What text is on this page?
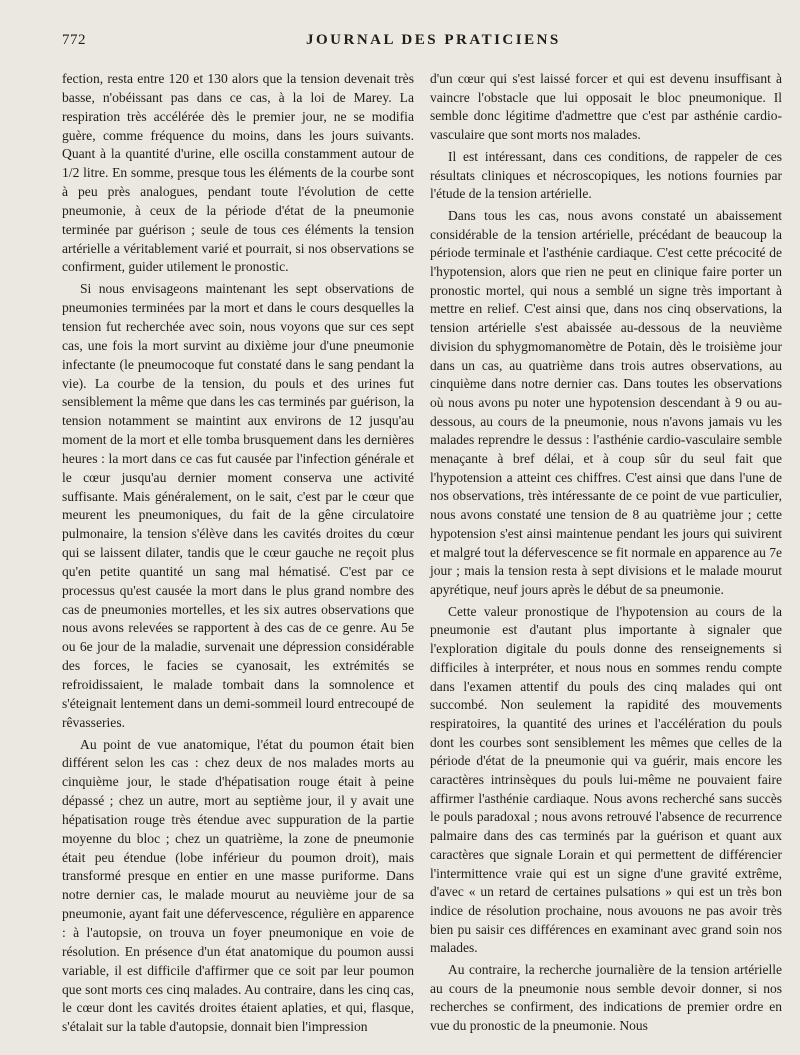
772	JOURNAL DES PRATICIENS

fection, resta entre 120 et 130 alors que la tension devenait très basse, n'obéissant pas dans ce cas, à la loi de Marey. La respiration très accélérée dès le premier jour, ne se modifia guère, comme fréquence du moins, dans les jours suivants. Quant à la quantité d'urine, elle oscilla constamment autour de 1/2 litre. En somme, presque tous les éléments de la courbe sont à peu près analogues, pendant toute l'évolution de cette pneumonie, à ceux de la période d'état de la pneumonie terminée par guérison ; seule de tous ces éléments la tension artérielle a véritablement varié et pourrait, si nos observations se confirment, guider utilement le pronostic.

Si nous envisageons maintenant les sept observations de pneumonies terminées par la mort et dans le cours desquelles la tension fut recherchée avec soin, nous voyons que sur ces sept cas, une fois la mort survint au dixième jour d'une pneumonie infectante (le pneumocoque fut constaté dans le sang pendant la vie). La courbe de la tension, du pouls et des urines fut sensiblement la même que dans les cas terminés par guérison, la tension notamment se maintint aux environs de 12 jusqu'au moment de la mort et elle tomba brusquement dans les dernières heures : la mort dans ce cas fut causée par l'infection générale et le cœur jusqu'au dernier moment conserva une activité suffisante. Mais généralement, on le sait, c'est par le cœur que meurent les pneumoniques, du fait de la gêne circulatoire pulmonaire, la tension s'élève dans les cavités droites du cœur qui se laissent dilater, tandis que le cœur gauche ne reçoit plus qu'en petite quantité un sang mal hématisé. C'est par ce processus qu'est causée la mort dans le plus grand nombre des cas de pneumonies mortelles, et les six autres observations que nous avons relevées se rapportent à des cas de ce genre. Au 5e ou 6e jour de la maladie, survenait une dépression considérable des forces, le facies se cyanosait, les extrémités se refroidissaient, le malade tombait dans la somnolence et s'éteignait lentement dans un demi-sommeil lourd entrecoupé de rêvasseries.

Au point de vue anatomique, l'état du poumon était bien différent selon les cas : chez deux de nos malades morts au cinquième jour, le stade d'hépatisation rouge était à peine dépassé ; chez un autre, mort au septième jour, il y avait une hépatisation rouge très étendue avec suppuration de la partie moyenne du bloc ; chez un quatrième, la zone de pneumonie était peu étendue (lobe inférieur du poumon droit), mais transformé presque en entier en une masse puriforme. Dans notre dernier cas, le malade mourut au neuvième jour de sa pneumonie, ayant fait une défervescence, régulière en apparence : à l'autopsie, on trouva un foyer pneumonique en voie de résolution. En présence d'un état anatomique du poumon aussi variable, il est difficile d'affirmer que ce soit par leur poumon que sont morts ces cinq malades. Au contraire, dans les cinq cas, le cœur dont les cavités droites étaient aplaties, et qui, flasque, s'étalait sur la table d'autopsie, donnait bien l'impression

d'un cœur qui s'est laissé forcer et qui est devenu insuffisant à vaincre l'obstacle que lui opposait le bloc pneumonique. Il semble donc légitime d'admettre que c'est par asthénie cardio-vasculaire que sont morts nos malades.

Il est intéressant, dans ces conditions, de rappeler de ces résultats cliniques et nécroscopiques, les notions fournies par l'étude de la tension artérielle.

Dans tous les cas, nous avons constaté un abaissement considérable de la tension artérielle, précédant de beaucoup la période terminale et l'asthénie cardiaque. C'est cette précocité de l'hypotension, alors que rien ne peut en clinique faire porter un pronostic mortel, qui nous a semblé un signe très important à mettre en relief. C'est ainsi que, dans nos cinq observations, la tension artérielle s'est abaissée au-dessous de la neuvième division du sphygmomanomètre de Potain, dès le troisième jour dans un cas, au quatrième dans trois autres observations, au cinquième dans notre dernier cas. Dans toutes les observations où nous avons pu noter une hypotension descendant à 9 ou au-dessous, au cours de la pneumonie, nous n'avons jamais vu les malades reprendre le dessus : l'asthénie cardio-vasculaire semble menaçante à bref délai, et à coup sûr du seul fait que l'hypotension a atteint ces chiffres. C'est ainsi que dans l'une de nos observations, très intéressante de ce point de vue particulier, nous avons constaté une tension de 8 au quatrième jour ; cette hypotension s'est ainsi maintenue pendant les jours qui suivirent et malgré tout la défervescence se fit normale en apparence au 7e jour ; mais la tension resta à sept divisions et le malade mourut apyrétique, neuf jours après le début de sa pneumonie.

Cette valeur pronostique de l'hypotension au cours de la pneumonie est d'autant plus importante à signaler que l'exploration digitale du pouls donne des renseignements si difficiles à interpréter, et nous nous en sommes rendu compte dans l'examen attentif du pouls des cinq malades qui ont succombé. Non seulement la rapidité des mouvements respiratoires, la quantité des urines et l'accélération du pouls dont les courbes sont sensiblement les mêmes que celles de la période d'état de la pneumonie qui va guérir, mais encore les caractères intrinsèques du pouls lui-même ne pouvaient faire affirmer l'asthénie cardiaque. Nous avons recherché sans succès le pouls paradoxal ; nous avons retrouvé l'absence de recurrence palmaire dans des cas terminés par la guérison et quant aux caractères que signale Lorain et qui permettent de différencier l'intermittence vraie qui est un signe d'une gravité extrême, d'avec « un retard de certaines pulsations » qui est un très bon indice de résolution prochaine, nous avouons ne pas avoir très bien pu saisir ces différences en examinant avec grand soin nos malades.

Au contraire, la recherche journalière de la tension artérielle au cours de la pneumonie nous semble devoir donner, si nos recherches se confirment, des indications de premier ordre en vue du pronostic de la pneumonie. Nous
